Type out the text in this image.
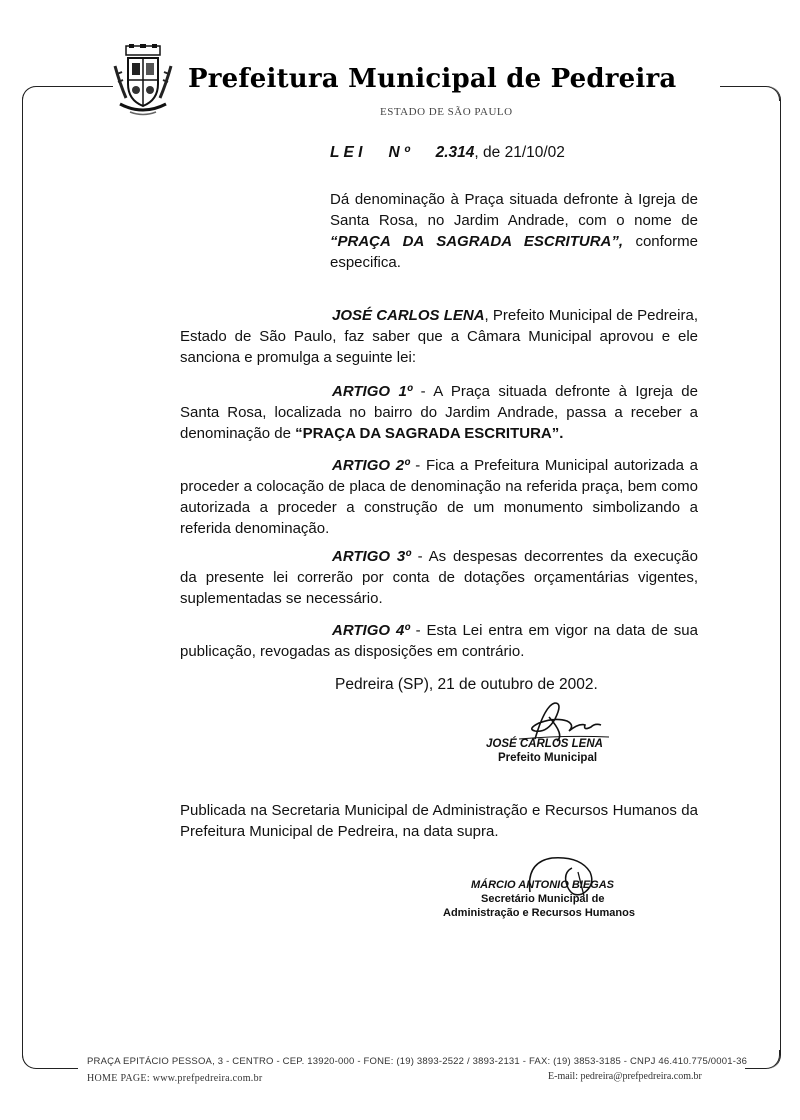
Prefeitura Municipal de Pedreira
ESTADO DE SÃO PAULO
L E I N º 2.314, de 21/10/02
Dá denominação à Praça situada defronte à Igreja de Santa Rosa, no Jardim Andrade, com o nome de “PRAÇA DA SAGRADA ESCRITURA”, conforme especifica.
JOSÉ CARLOS LENA, Prefeito Municipal de Pedreira, Estado de São Paulo, faz saber que a Câmara Municipal aprovou e ele sanciona e promulga a seguinte lei:
ARTIGO 1º - A Praça situada defronte à Igreja de Santa Rosa, localizada no bairro do Jardim Andrade, passa a receber a denominação de “PRAÇA DA SAGRADA ESCRITURA”.
ARTIGO 2º - Fica a Prefeitura Municipal autorizada a proceder a colocação de placa de denominação na referida praça, bem como autorizada a proceder a construção de um monumento simbolizando a referida denominação.
ARTIGO 3º - As despesas decorrentes da execução da presente lei correrão por conta de dotações orçamentárias vigentes, suplementadas se necessário.
ARTIGO 4º - Esta Lei entra em vigor na data de sua publicação, revogadas as disposições em contrário.
Pedreira (SP), 21 de outubro de 2002.
JOSÉ CARLOS LENA
Prefeito Municipal
Publicada na Secretaria Municipal de Administração e Recursos Humanos da Prefeitura Municipal de Pedreira, na data supra.
MÁRCIO ANTONIO BIEGAS
Secretário Municipal de
Administração e Recursos Humanos
PRAÇA EPITÁCIO PESSOA, 3 - CENTRO - CEP. 13920-000 - FONE: (19) 3893-2522 / 3893-2131 - FAX: (19) 3853-3185 - CNPJ 46.410.775/0001-36
HOME PAGE: www.prefpedreira.com.br	E-mail: pedreira@prefpedreira.com.br
